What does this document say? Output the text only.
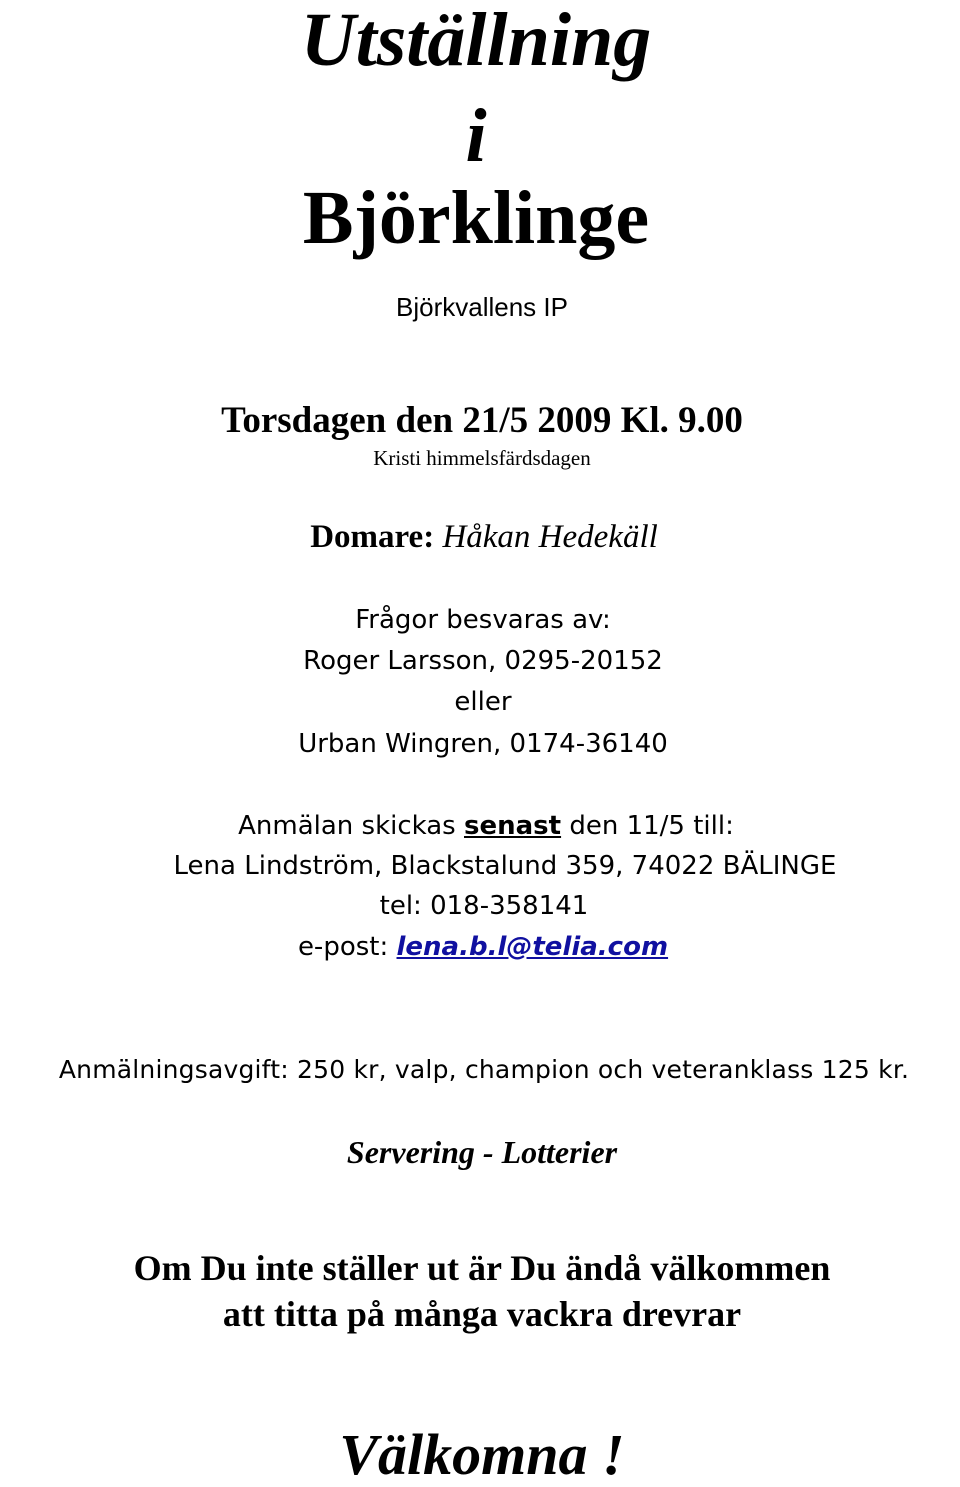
Utställning
i
Björklinge
Björkvallens IP
Torsdagen den 21/5 2009 Kl. 9.00
Kristi himmelsfärdsdagen
Domare: Håkan Hedekäll
Frågor besvaras av:
Roger Larsson, 0295-20152
eller
Urban Wingren, 0174-36140
Anmälan skickas senast den 11/5 till:
Lena Lindström, Blackstalund 359, 74022 BÄLINGE
tel: 018-358141
e-post: lena.b.l@telia.com
Anmälningsavgift: 250 kr, valp, champion och veteranklass 125 kr.
Servering - Lotterier
Om Du inte ställer ut är Du ändå välkommen
att titta på många vackra drevrar
Välkomna !
